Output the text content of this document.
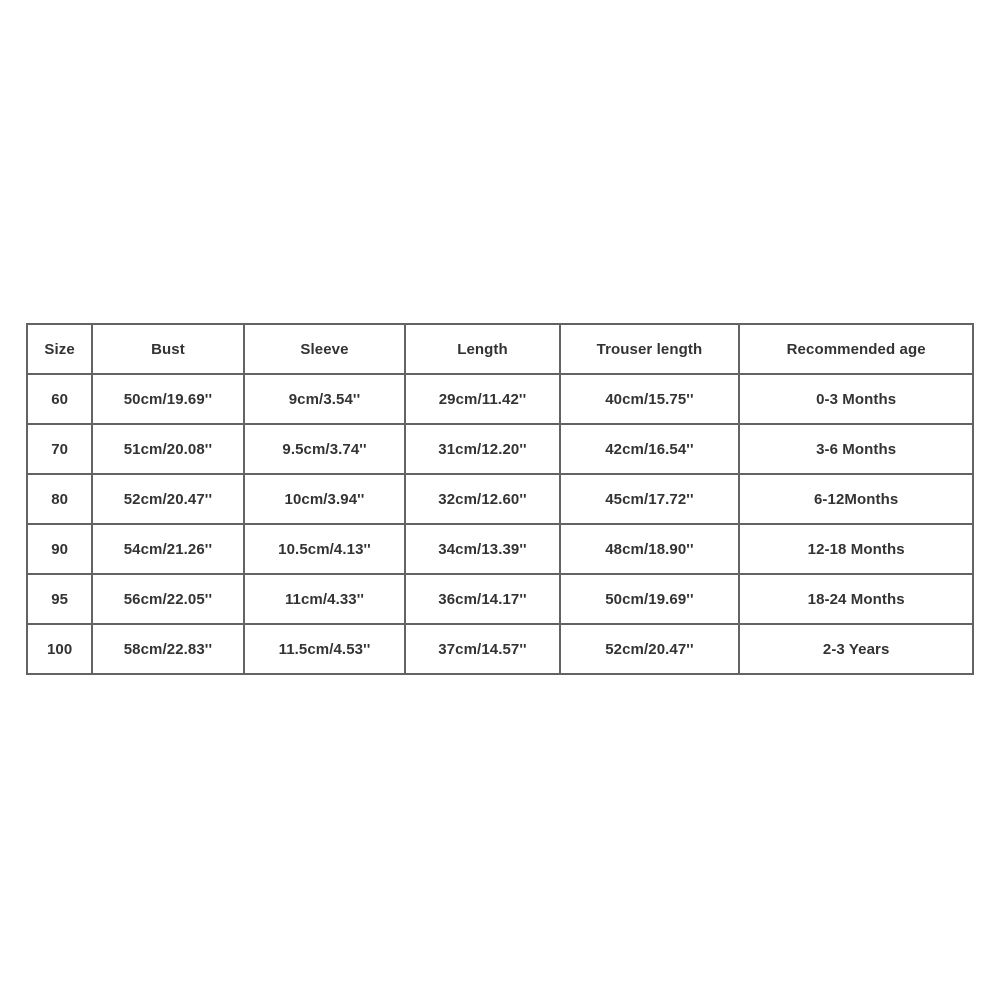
Size	Bust	Sleeve	Length	Trouser length	Recommended age
60	50cm/19.69''	9cm/3.54''	29cm/11.42''	40cm/15.75''	0-3 Months
70	51cm/20.08''	9.5cm/3.74''	31cm/12.20''	42cm/16.54''	3-6 Months
80	52cm/20.47''	10cm/3.94''	32cm/12.60''	45cm/17.72''	6-12Months
90	54cm/21.26''	10.5cm/4.13''	34cm/13.39''	48cm/18.90''	12-18 Months
95	56cm/22.05''	11cm/4.33''	36cm/14.17''	50cm/19.69''	18-24 Months
100	58cm/22.83''	11.5cm/4.53''	37cm/14.57''	52cm/20.47''	2-3 Years
